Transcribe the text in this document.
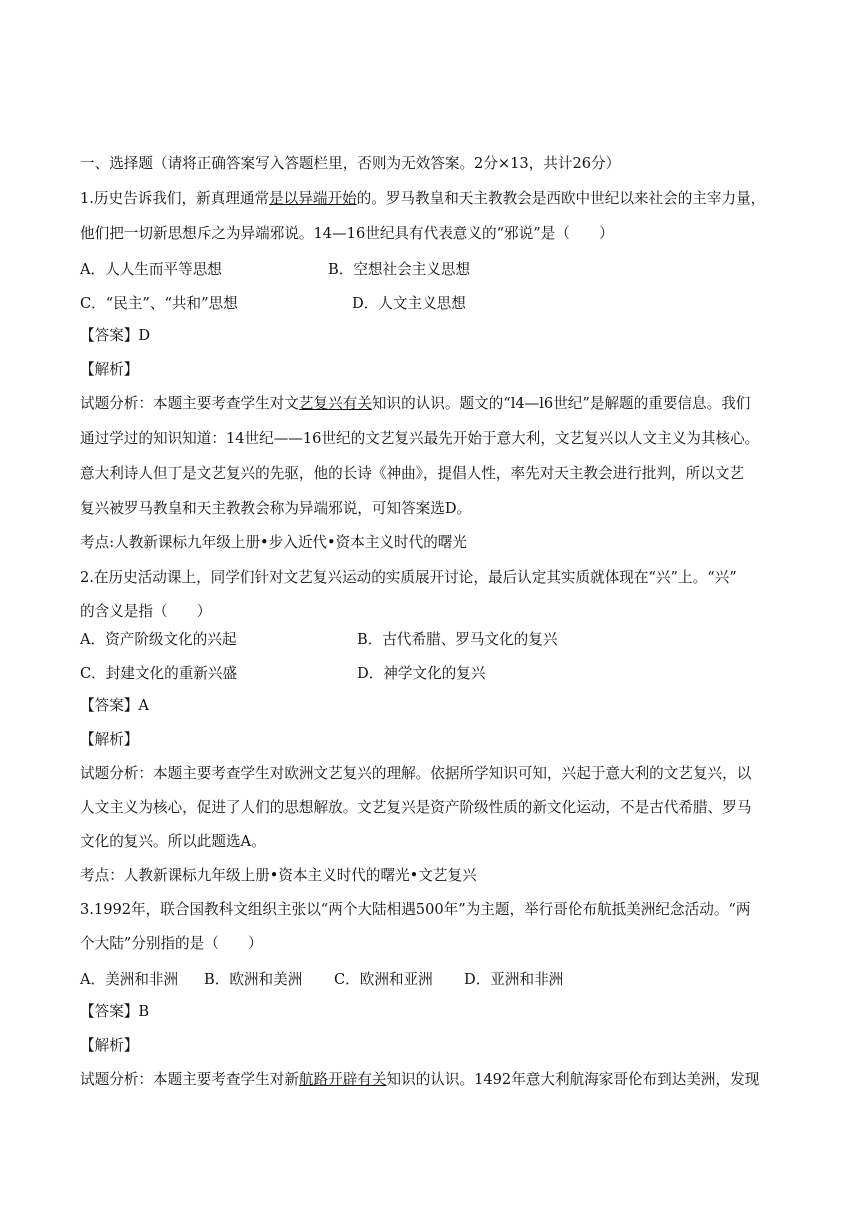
一、选择题（请将正确答案写入答题栏里，否则为无效答案。2分×13，共计26分）
1.历史告诉我们，新真理通常是以异端开始的。罗马教皇和天主教教会是西欧中世纪以来社会的主宰力量，
他们把一切新思想斥之为异端邪说。14—16世纪具有代表意义的“邪说”是（　　）
A．人人生而平等思想	B．空想社会主义思想
C．“民主”、“共和”思想	D．人文主义思想
【答案】D
【解析】
试题分析：本题主要考查学生对文艺复兴有关知识的认识。题文的“l4—l6世纪”是解题的重要信息。我们
通过学过的知识知道：14世纪——16世纪的文艺复兴最先开始于意大利，文艺复兴以人文主义为其核心。
意大利诗人但丁是文艺复兴的先驱，他的长诗《神曲》，提倡人性，率先对天主教会进行批判，所以文艺
复兴被罗马教皇和天主教教会称为异端邪说，可知答案选D。
考点:人教新课标九年级上册•步入近代•资本主义时代的曙光
2.在历史活动课上，同学们针对文艺复兴运动的实质展开讨论，最后认定其实质就体现在“兴”上。“兴”
的含义是指（　　）
A．资产阶级文化的兴起	B．古代希腊、罗马文化的复兴
C．封建文化的重新兴盛	D．神学文化的复兴
【答案】A
【解析】
试题分析：本题主要考查学生对欧洲文艺复兴的理解。依据所学知识可知，兴起于意大利的文艺复兴，以
人文主义为核心，促进了人们的思想解放。文艺复兴是资产阶级性质的新文化运动，不是古代希腊、罗马
文化的复兴。所以此题选A。
考点：人教新课标九年级上册•资本主义时代的曙光•文艺复兴
3.1992年，联合国教科文组织主张以“两个大陆相遇500年”为主题，举行哥伦布航抵美洲纪念活动。“两
个大陆”分别指的是（　　）
A．美洲和非洲 B．欧洲和美洲 C．欧洲和亚洲 D．亚洲和非洲
【答案】B
【解析】
试题分析：本题主要考查学生对新航路开辟有关知识的认识。1492年意大利航海家哥伦布到达美洲，发现
